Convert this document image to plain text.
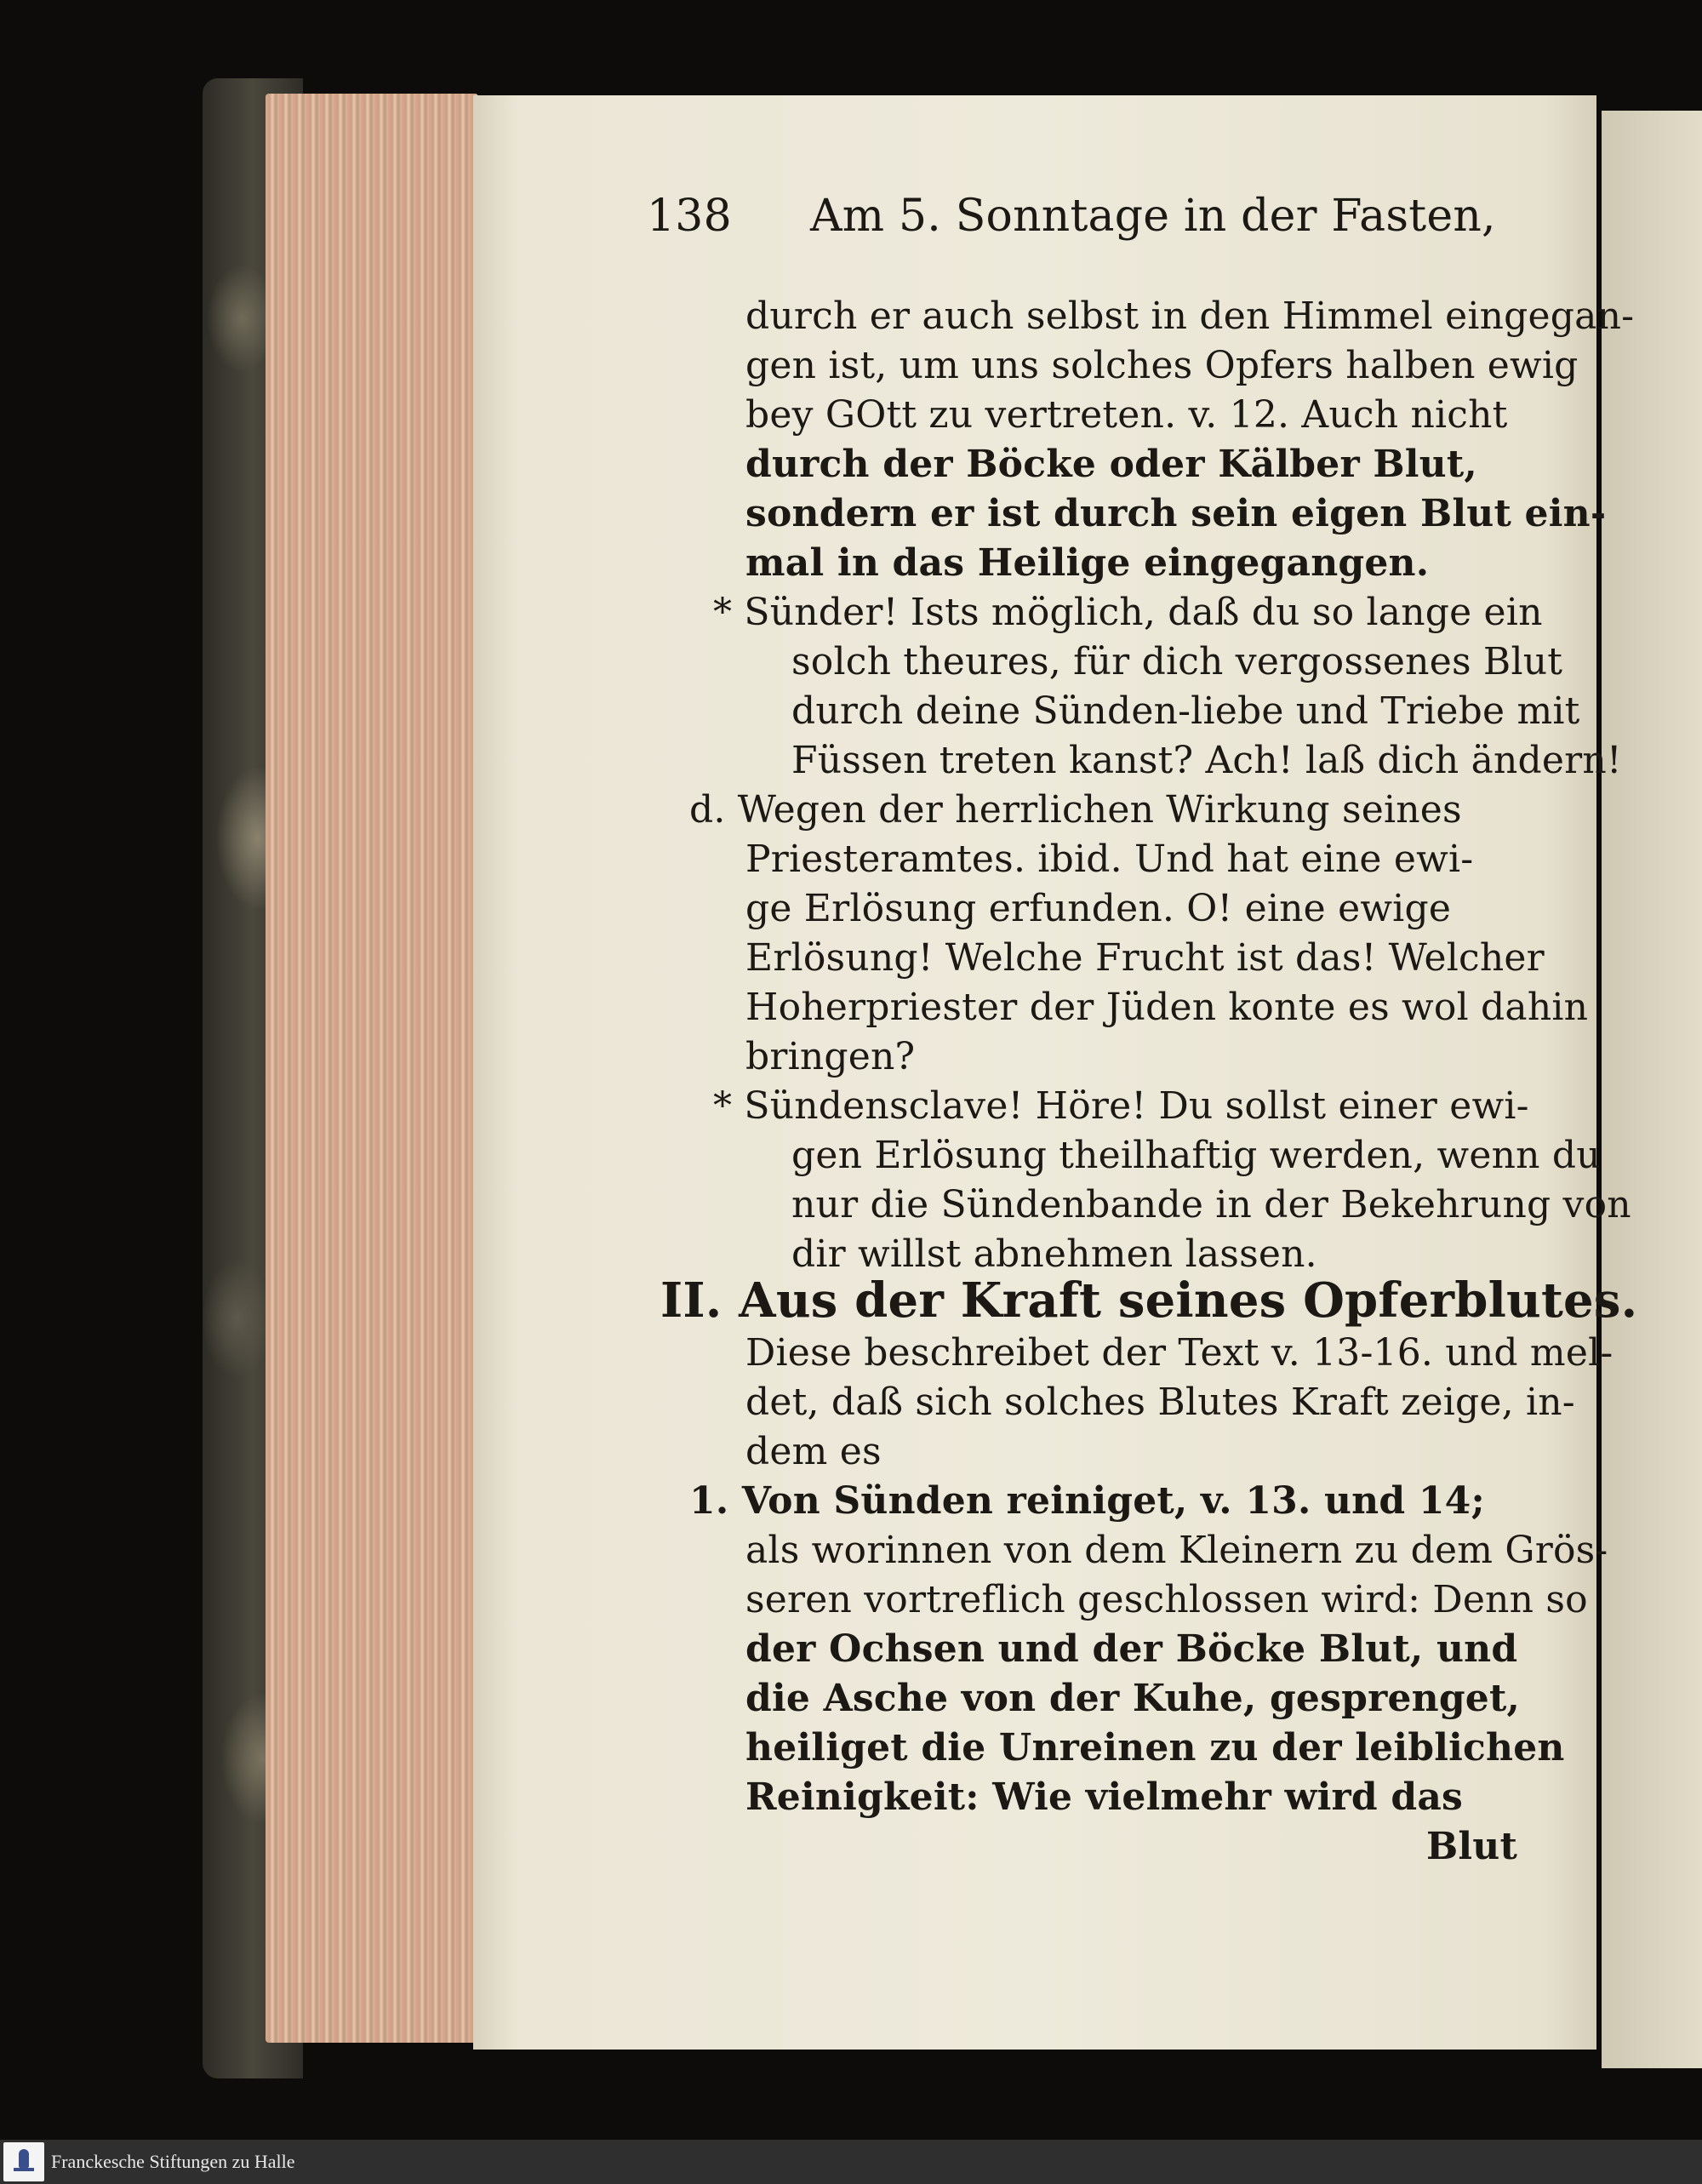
138 Am 5. Sonntage in der Fasten,
durch er auch selbst in den Himmel eingegan-
gen ist, um uns solches Opfers halben ewig
bey GOtt zu vertreten. v. 12. Auch nicht
durch der Böcke oder Kälber Blut,
sondern er ist durch sein eigen Blut ein-
mal in das Heilige eingegangen.
* Sünder! Ists möglich, daß du so lange ein
solch theures, für dich vergossenes Blut
durch deine Sünden-liebe und Triebe mit
Füssen treten kanst? Ach! laß dich ändern!
d. Wegen der herrlichen Wirkung seines
Priesteramtes. ibid. Und hat eine ewi-
ge Erlösung erfunden. O! eine ewige
Erlösung! Welche Frucht ist das! Welcher
Hoherpriester der Jüden konte es wol dahin
bringen?
* Sündensclave! Höre! Du sollst einer ewi-
gen Erlösung theilhaftig werden, wenn du
nur die Sündenbande in der Bekehrung von
dir willst abnehmen lassen.
II. Aus der Kraft seines Opferblutes.
Diese beschreibet der Text v. 13-16. und mel-
det, daß sich solches Blutes Kraft zeige, in-
dem es
1. Von Sünden reiniget, v. 13. und 14;
als worinnen von dem Kleinern zu dem Grös-
seren vortreflich geschlossen wird: Denn so
der Ochsen und der Böcke Blut, und
die Asche von der Kuhe, gesprenget,
heiliget die Unreinen zu der leiblichen
Reinigkeit: Wie vielmehr wird das
Blut
Franckesche Stiftungen zu Halle
